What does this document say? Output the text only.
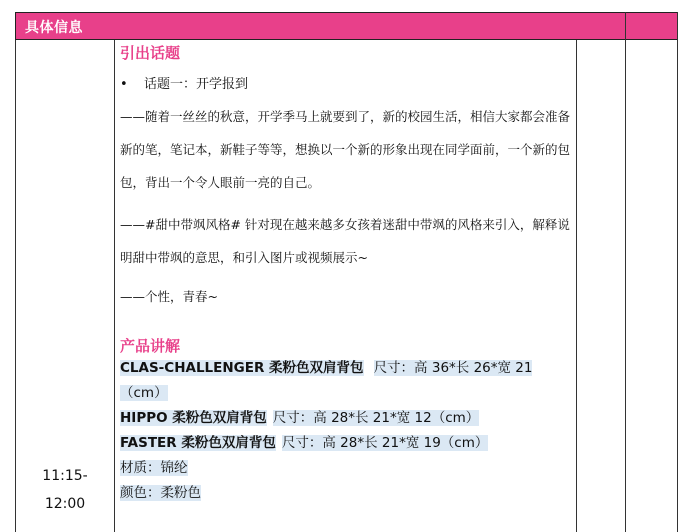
具体信息
11:15-
12:00
引出话题
• 话题一：开学报到
——随着一丝丝的秋意，开学季马上就要到了，新的校园生活，相信大家都会准备新的笔，笔记本，新鞋子等等，想换以一个新的形象出现在同学面前，一个新的包包，背出一个令人眼前一亮的自己。
——#甜中带飒风格# 针对现在越来越多女孩着迷甜中带飒的风格来引入，解释说明甜中带飒的意思，和引入图片或视频展示~
——个性，青春~
产品讲解
CLAS-CHALLENGER 柔粉色双肩背包 尺寸：高 36*长 26*宽 21（cm）
HIPPO 柔粉色双肩背包 尺寸：高 28*长 21*宽 12（cm）
FASTER 柔粉色双肩背包 尺寸：高 28*长 21*宽 19（cm）
材质：锦纶
颜色：柔粉色
